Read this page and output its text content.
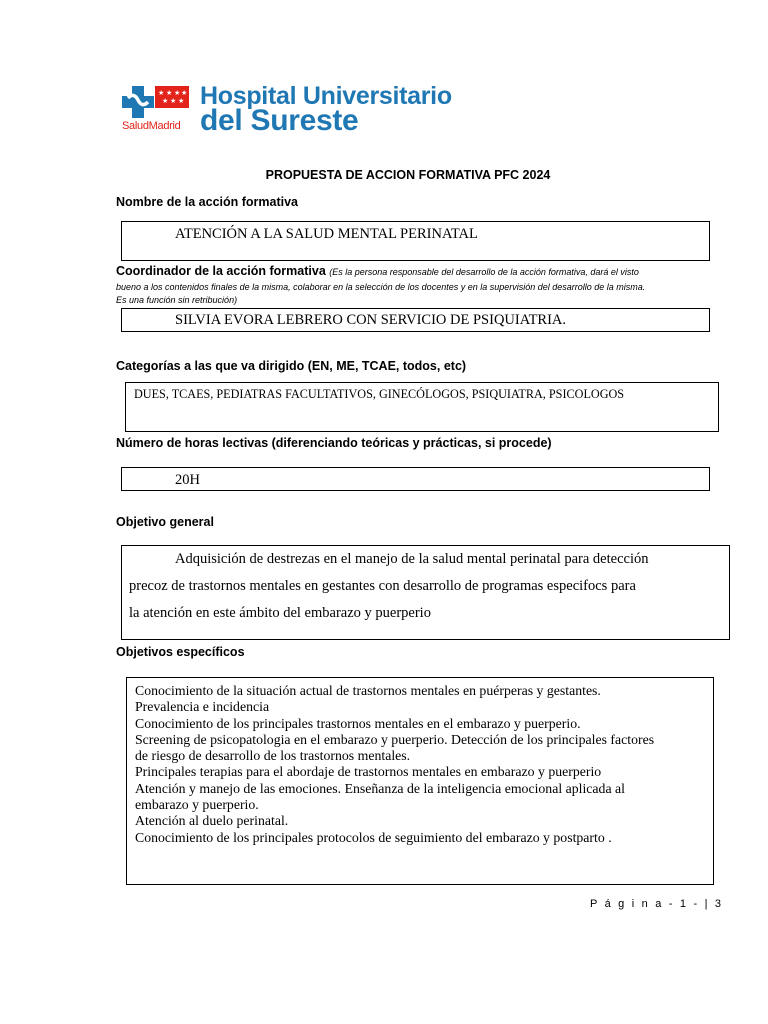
★ ★ ★ ★
★ ★ ★
SaludMadrid
Hospital Universitario
del Sureste
PROPUESTA DE ACCION FORMATIVA PFC 2024
Nombre de la acción formativa
ATENCIÓN A LA SALUD MENTAL PERINATAL
Coordinador de la acción formativa (Es la persona responsable del desarrollo de la acción formativa, dará el visto
bueno a los contenidos finales de la misma, colaborar en la selección de los docentes y en la supervisión del desarrollo de la misma.
Es una función sin retribución)
SILVIA EVORA LEBRERO CON SERVICIO DE PSIQUIATRIA.
Categorías a las que va dirigido (EN, ME, TCAE, todos, etc)
DUES, TCAES, PEDIATRAS FACULTATIVOS, GINECÓLOGOS, PSIQUIATRA, PSICOLOGOS
Número de horas lectivas (diferenciando teóricas y prácticas, si procede)
20H
Objetivo general
Adquisición de destrezas en el manejo de la salud mental perinatal para detección
precoz de trastornos mentales en gestantes con desarrollo de programas especifocs para
la atención en este ámbito del embarazo y puerperio
Objetivos específicos
Conocimiento de la situación actual de trastornos mentales en puérperas y gestantes.
Prevalencia e incidencia
Conocimiento de los principales trastornos mentales en el embarazo y puerperio.
Screening de psicopatologia en el embarazo y puerperio. Detección de los principales factores
de riesgo de desarrollo de los trastornos mentales.
Principales terapias para el abordaje de trastornos mentales en embarazo y puerperio
Atención y manejo de las emociones. Enseñanza de la inteligencia emocional aplicada al
embarazo y puerperio.
Atención al duelo perinatal.
Conocimiento de los principales protocolos de seguimiento del embarazo y postparto .
P á g i n a - 1 - | 3
